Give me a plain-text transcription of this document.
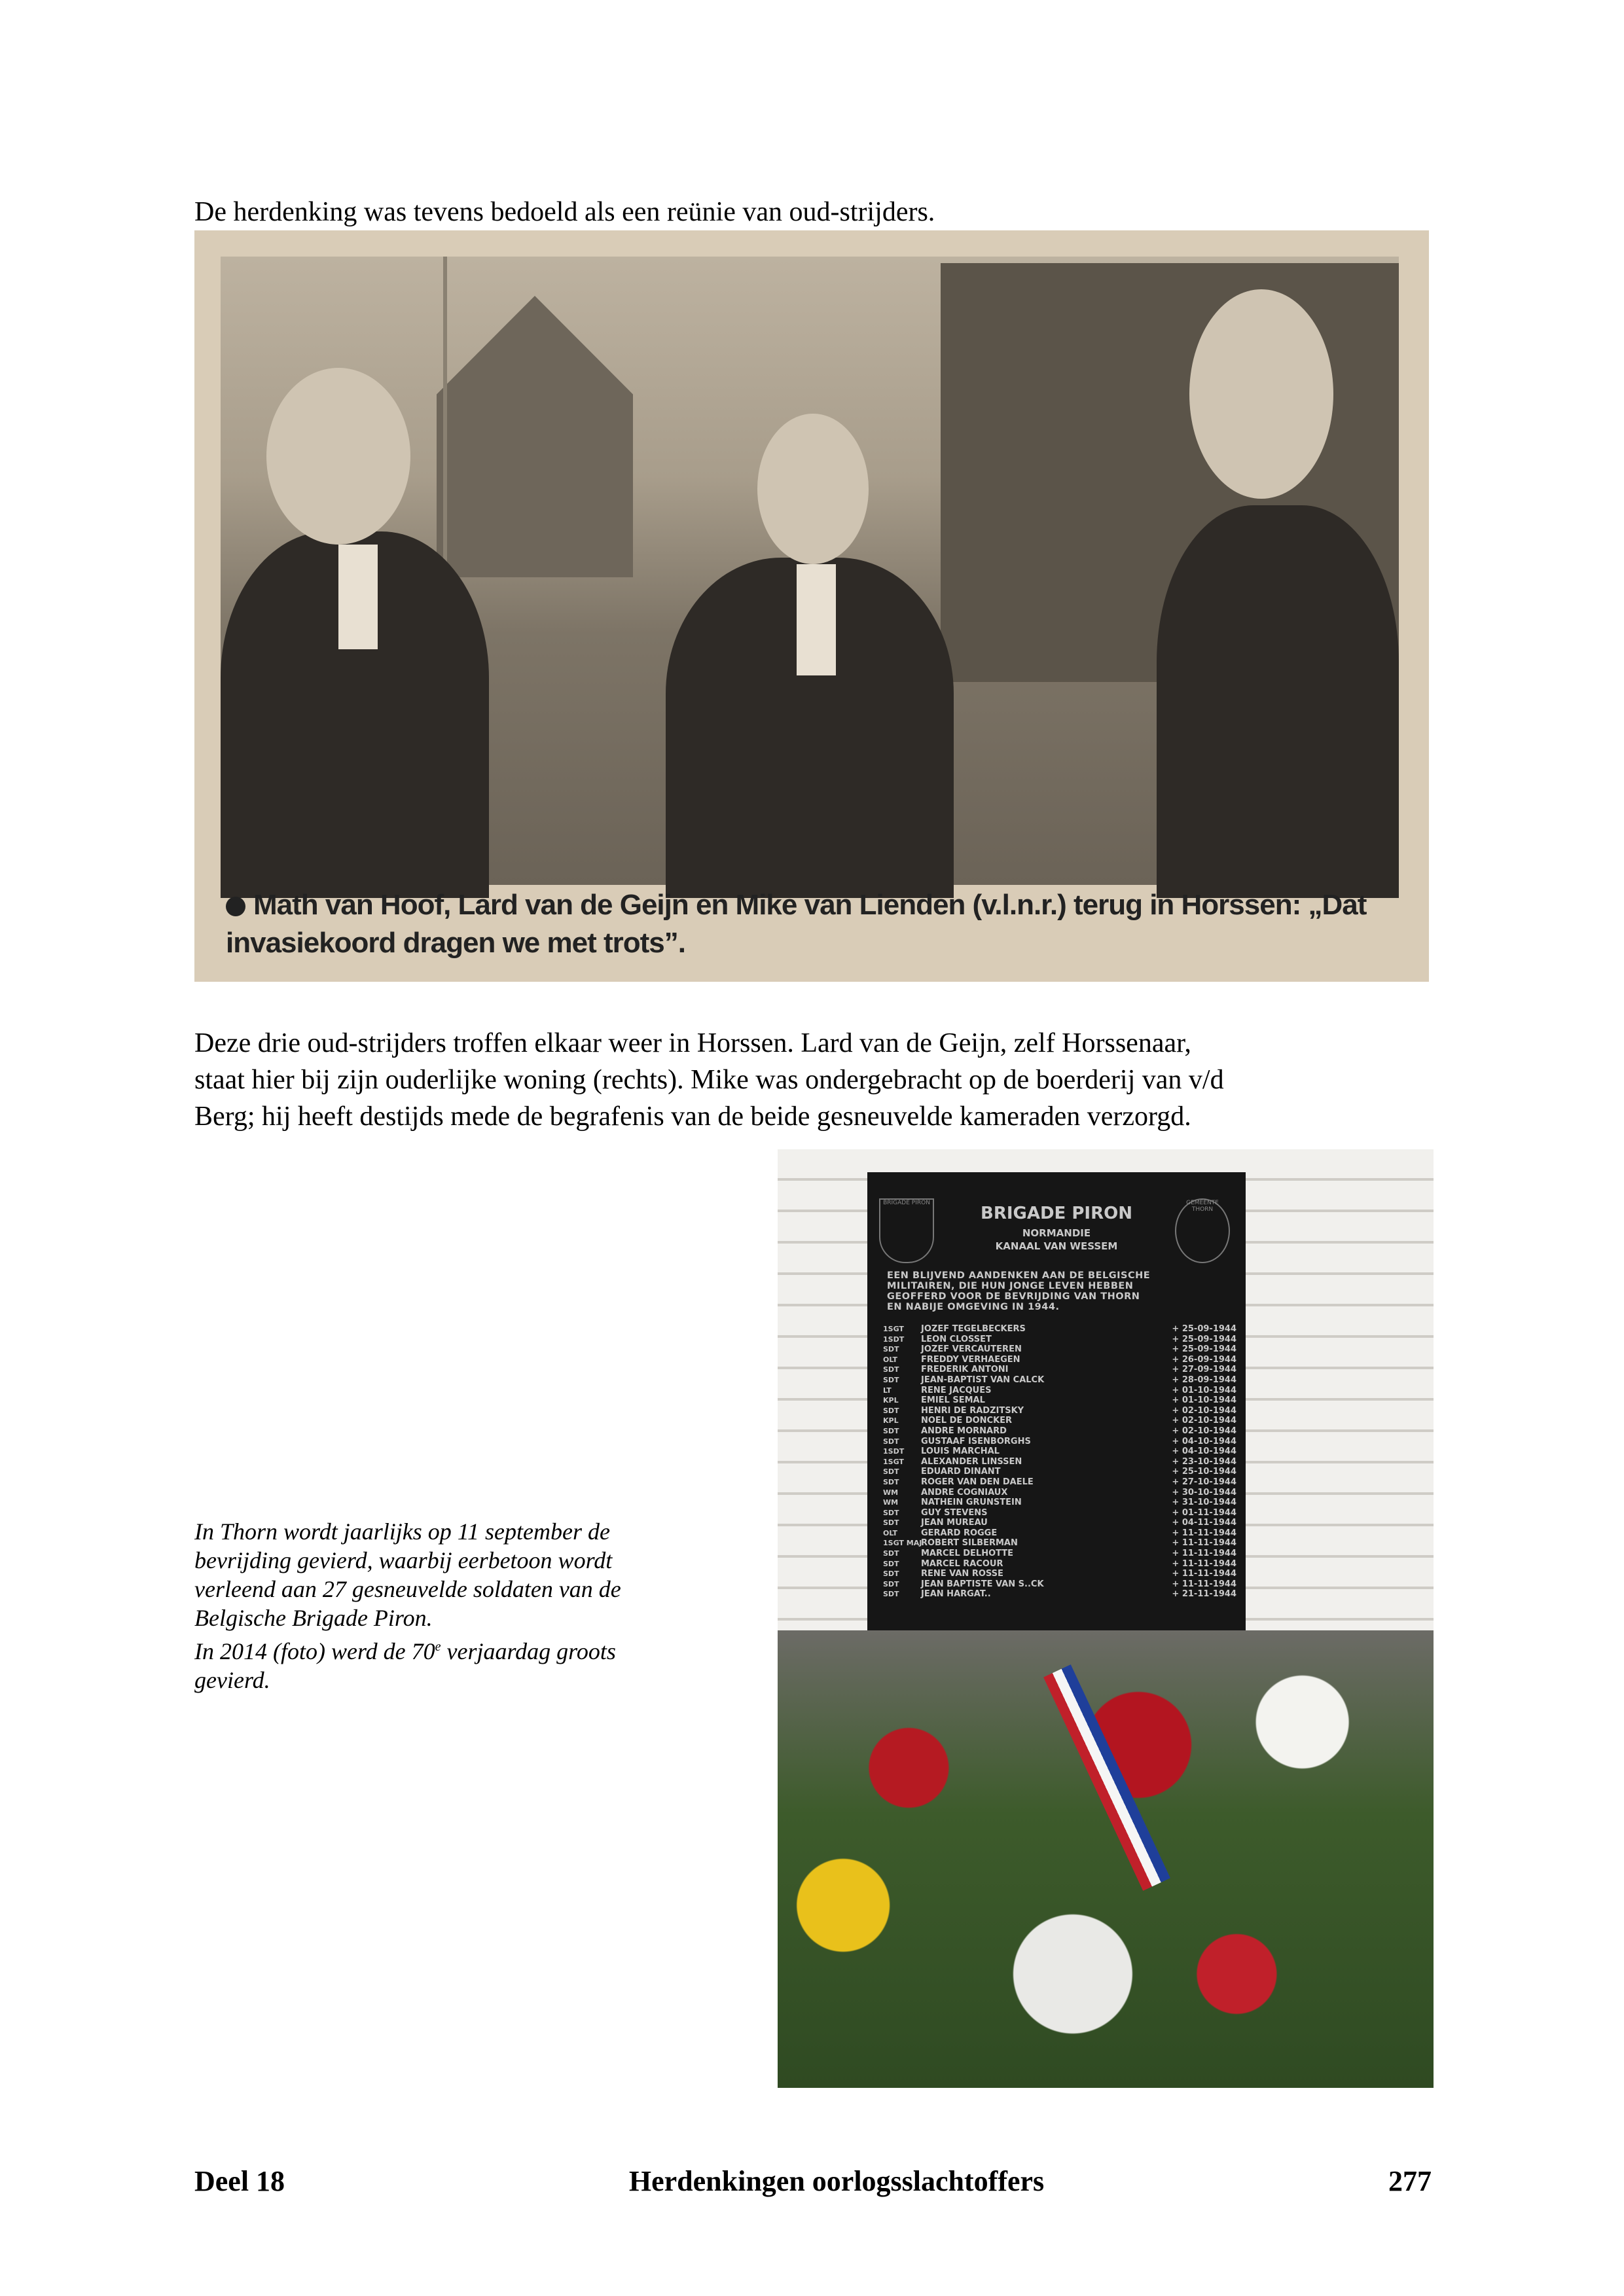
De herdenking was tevens bedoeld als een reünie van oud-strijders.
Math van Hoof, Lard van de Geijn en Mike van Lienden (v.l.n.r.) terug in Horssen: „Dat
invasiekoord dragen we met trots”.
Deze drie oud-strijders troffen elkaar weer in Horssen. Lard van de Geijn, zelf Horssenaar,
staat hier bij zijn ouderlijke woning (rechts). Mike was ondergebracht op de boerderij van v/d
Berg; hij heeft destijds mede de begrafenis van de beide gesneuvelde kameraden verzorgd.
In Thorn wordt jaarlijks op 11 september de
bevrijding gevierd, waarbij eerbetoon wordt
verleend aan 27 gesneuvelde soldaten van de
Belgische Brigade Piron.
In 2014 (foto) werd de 70e verjaardag groots
gevierd.
BRIGADE PIRON	GEMEENTE THORN
BRIGADE PIRON
NORMANDIE
KANAAL VAN WESSEM
EEN BLIJVEND AANDENKEN AAN DE BELGISCHE
MILITAIREN, DIE HUN JONGE LEVEN HEBBEN
GEOFFERD VOOR DE BEVRIJDING VAN THORN
EN NABIJE OMGEVING IN 1944.
1SGT JOZEF TEGELBECKERS	+ 25-09-1944
1SDT LEON CLOSSET	+ 25-09-1944
SDT	JOZEF VERCAUTEREN	+ 25-09-1944
OLT	FREDDY VERHAEGEN	+ 26-09-1944
SDT	FREDERIK ANTONI	+ 27-09-1944
SDT	JEAN-BAPTIST VAN CALCK	+ 28-09-1944
LT	RENE JACQUES	+ 01-10-1944
KPL	EMIEL SEMAL	+ 01-10-1944
SDT	HENRI DE RADZITSKY	+ 02-10-1944
KPL	NOEL DE DONCKER	+ 02-10-1944
SDT	ANDRE MORNARD	+ 02-10-1944
SDT	GUSTAAF ISENBORGHS	+ 04-10-1944
1SDT LOUIS MARCHAL	+ 04-10-1944
1SGT ALEXANDER LINSSEN	+ 23-10-1944
SDT	EDUARD DINANT	+ 25-10-1944
SDT	ROGER VAN DEN DAELE	+ 27-10-1944
WM	ANDRE COGNIAUX	+ 30-10-1944
WM	NATHEIN GRUNSTEIN	+ 31-10-1944
SDT	GUY STEVENS	+ 01-11-1944
SDT	JEAN MUREAU	+ 04-11-1944
OLT	GERARD ROGGE	+ 11-11-1944
1SGT MAJROBERT SILBERMAN	+ 11-11-1944
SDT	MARCEL DELHOTTE	+ 11-11-1944
SDT	MARCEL RACOUR	+ 11-11-1944
SDT	RENE VAN ROSSE	+ 11-11-1944
SDT	JEAN BAPTISTE VAN S..CK	+ 11-11-1944
SDT	JEAN HARGAT..	+ 21-11-1944
Deel 18	Herdenkingen oorlogsslachtoffers	277
